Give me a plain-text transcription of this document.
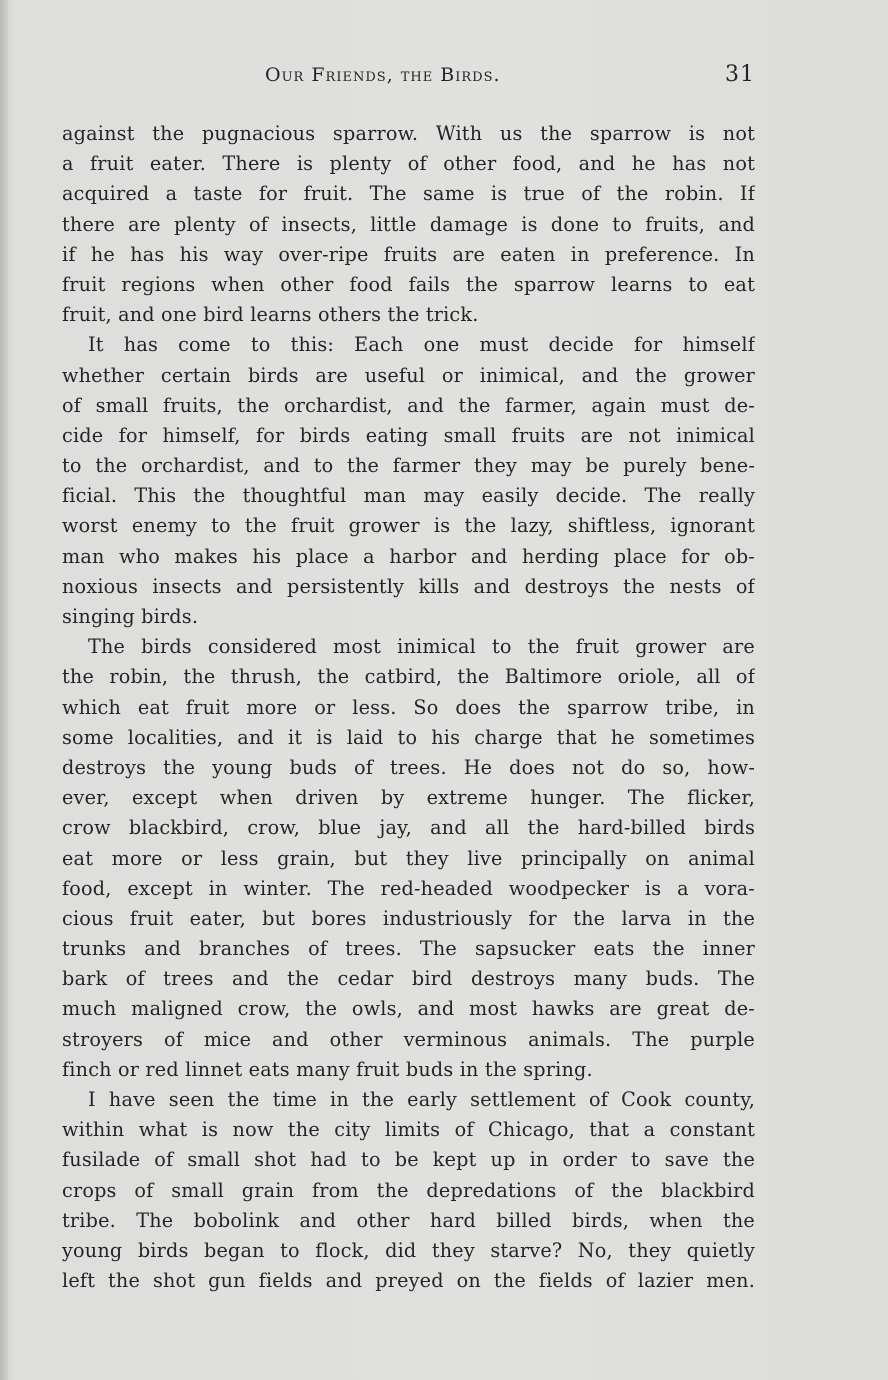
Our Friends, the Birds.	31
against the pugnacious sparrow. With us the sparrow is not
a fruit eater. There is plenty of other food, and he has not
acquired a taste for fruit. The same is true of the robin. If
there are plenty of insects, little damage is done to fruits, and
if he has his way over-ripe fruits are eaten in preference. In
fruit regions when other food fails the sparrow learns to eat
fruit, and one bird learns others the trick.
It has come to this: Each one must decide for himself
whether certain birds are useful or inimical, and the grower
of small fruits, the orchardist, and the farmer, again must de-
cide for himself, for birds eating small fruits are not inimical
to the orchardist, and to the farmer they may be purely bene-
ficial. This the thoughtful man may easily decide. The really
worst enemy to the fruit grower is the lazy, shiftless, ignorant
man who makes his place a harbor and herding place for ob-
noxious insects and persistently kills and destroys the nests of
singing birds.
The birds considered most inimical to the fruit grower are
the robin, the thrush, the catbird, the Baltimore oriole, all of
which eat fruit more or less. So does the sparrow tribe, in
some localities, and it is laid to his charge that he sometimes
destroys the young buds of trees. He does not do so, how-
ever, except when driven by extreme hunger. The flicker,
crow blackbird, crow, blue jay, and all the hard-billed birds
eat more or less grain, but they live principally on animal
food, except in winter. The red-headed woodpecker is a vora-
cious fruit eater, but bores industriously for the larva in the
trunks and branches of trees. The sapsucker eats the inner
bark of trees and the cedar bird destroys many buds. The
much maligned crow, the owls, and most hawks are great de-
stroyers of mice and other verminous animals. The purple
finch or red linnet eats many fruit buds in the spring.
I have seen the time in the early settlement of Cook county,
within what is now the city limits of Chicago, that a constant
fusilade of small shot had to be kept up in order to save the
crops of small grain from the depredations of the blackbird
tribe. The bobolink and other hard billed birds, when the
young birds began to flock, did they starve? No, they quietly
left the shot gun fields and preyed on the fields of lazier men.
